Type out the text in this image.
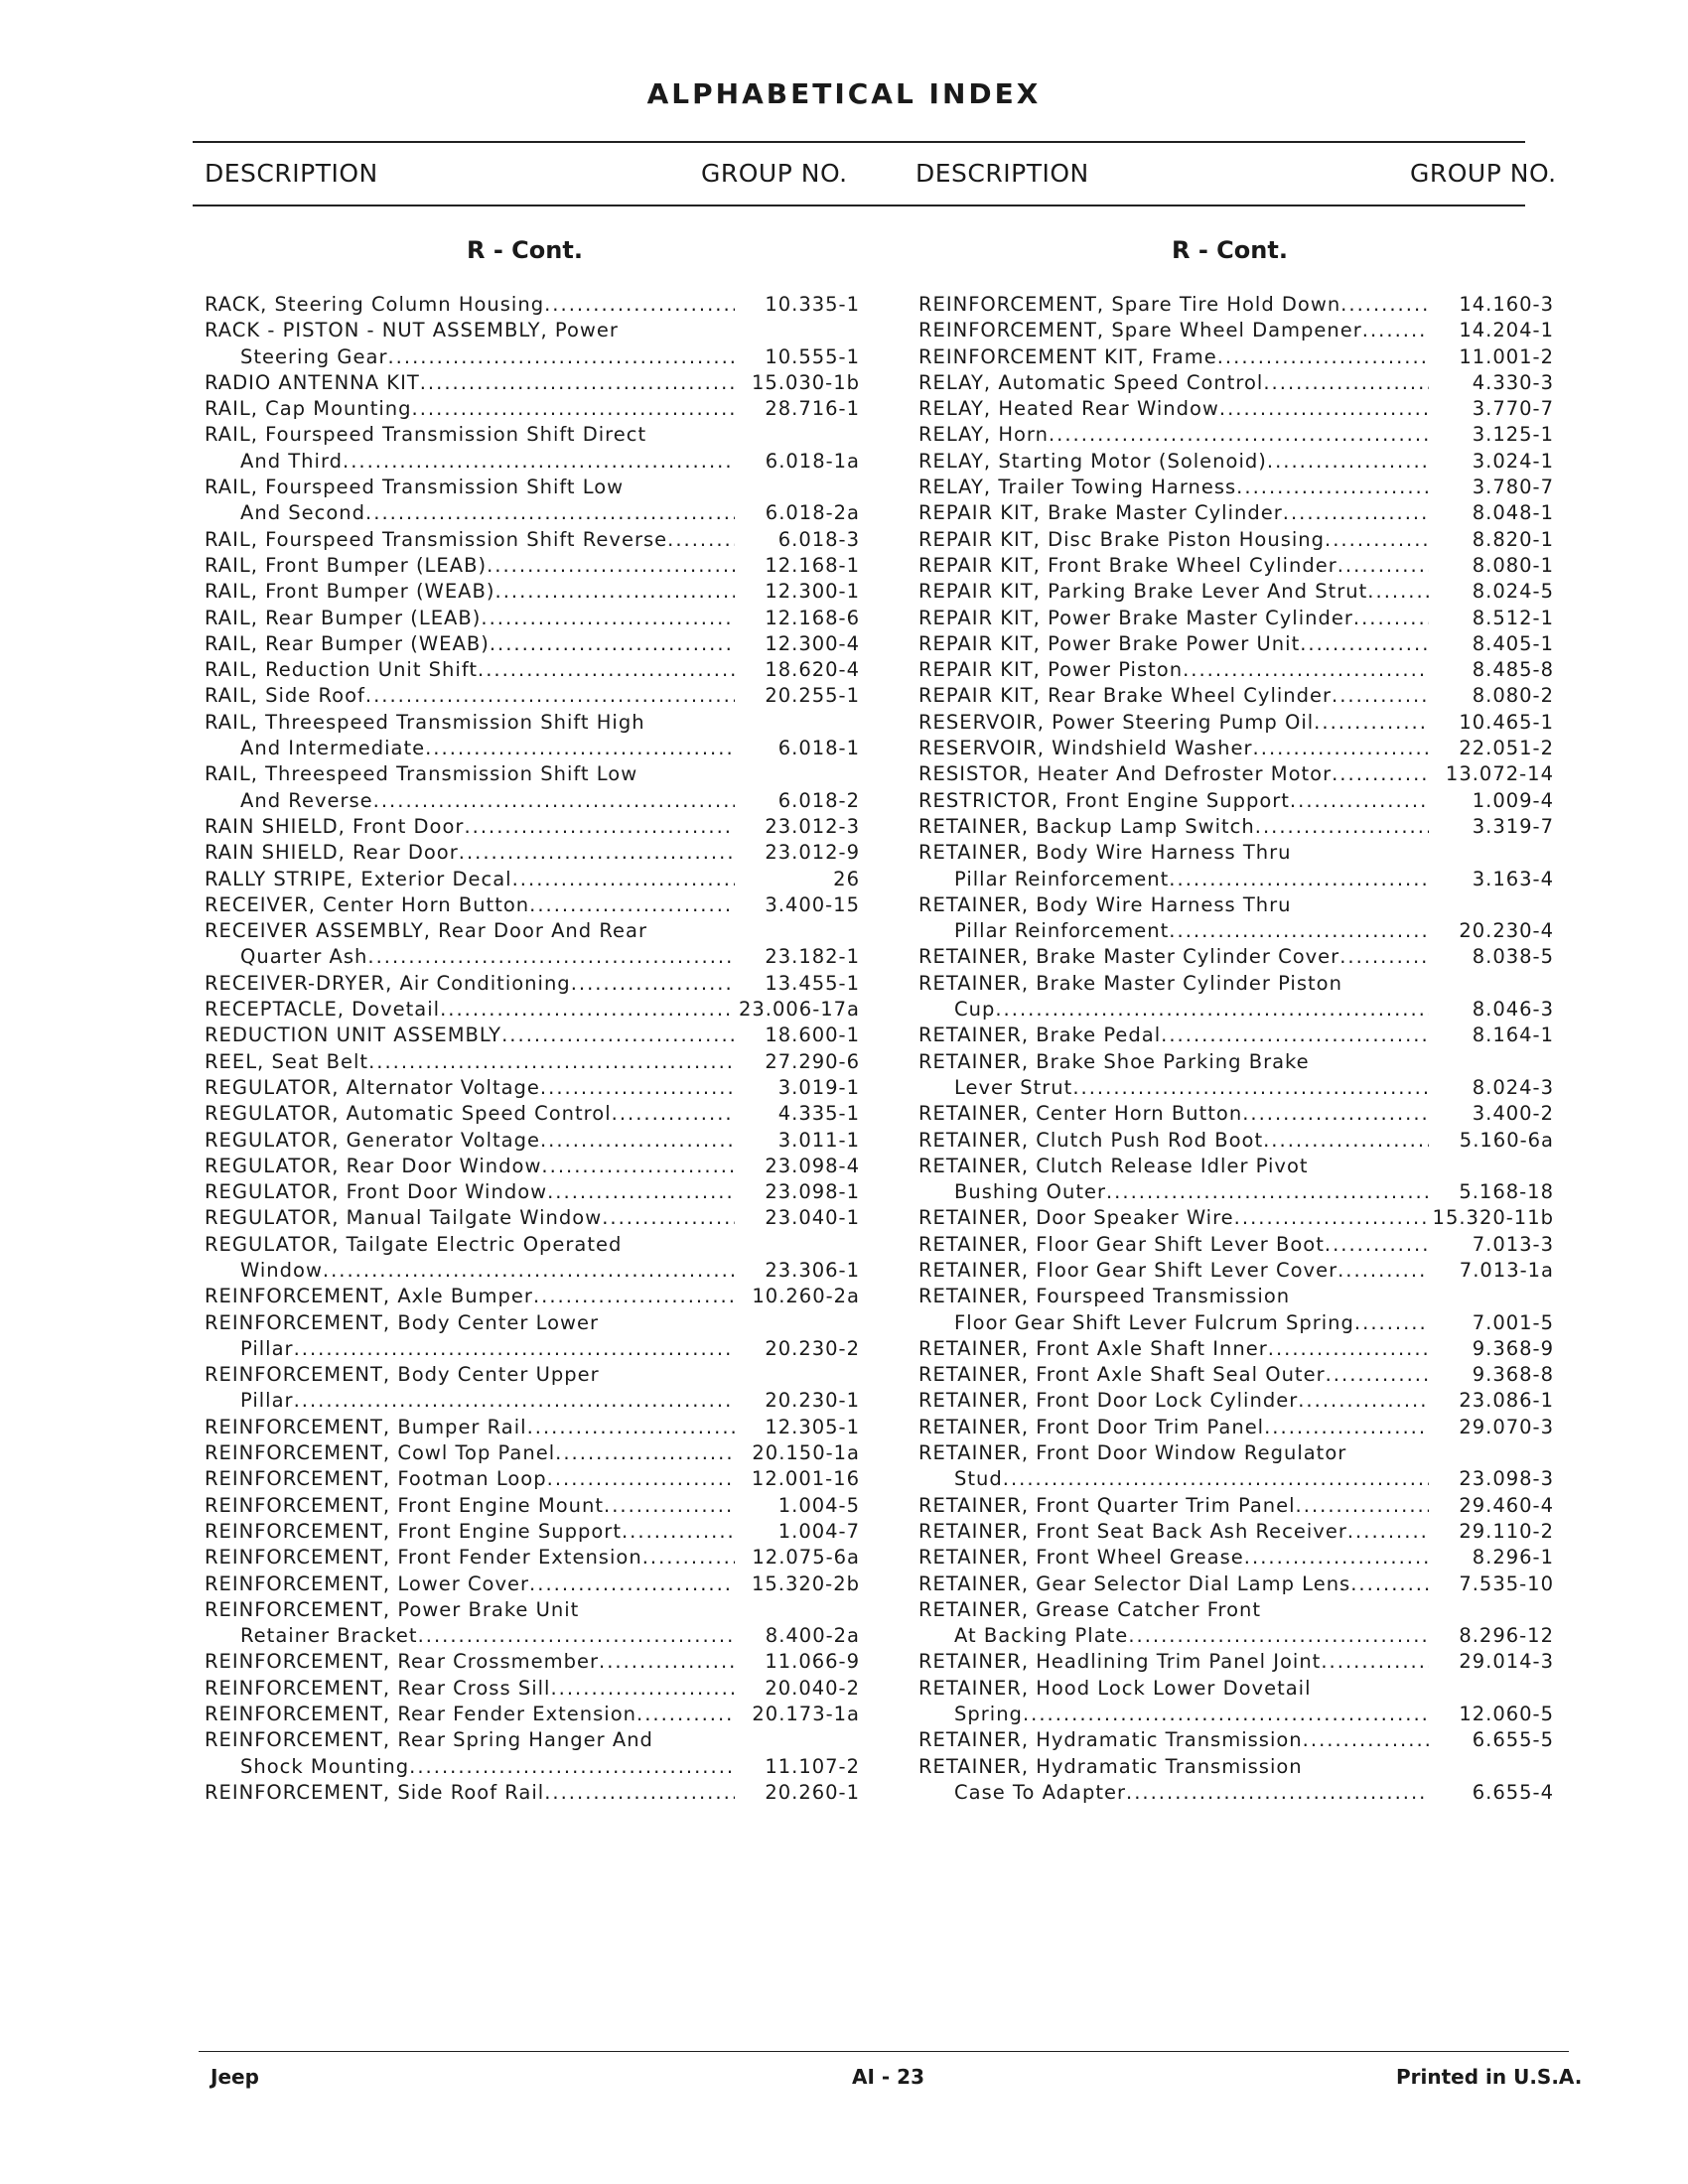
ALPHABETICAL INDEX
DESCRIPTION	GROUP NO.	DESCRIPTION	GROUP NO.
R - Cont.	R - Cont.
RACK, Steering Column Housing .....	10.335-1
RACK - PISTON - NUT ASSEMBLY, Power
Steering Gear .....	10.555-1
RADIO ANTENNA KIT .....	15.030-1b
RAIL, Cap Mounting .....	28.716-1
RAIL, Fourspeed Transmission Shift Direct
And Third .....	6.018-1a
RAIL, Fourspeed Transmission Shift Low
And Second .....	6.018-2a
RAIL, Fourspeed Transmission Shift Reverse .....	6.018-3
RAIL, Front Bumper (LEAB) .....	12.168-1
RAIL, Front Bumper (WEAB) .....	12.300-1
RAIL, Rear Bumper (LEAB) .....	12.168-6
RAIL, Rear Bumper (WEAB) .....	12.300-4
RAIL, Reduction Unit Shift .....	18.620-4
RAIL, Side Roof .....	20.255-1
RAIL, Threespeed Transmission Shift High
And Intermediate .....	6.018-1
RAIL, Threespeed Transmission Shift Low
And Reverse .....	6.018-2
RAIN SHIELD, Front Door .....	23.012-3
RAIN SHIELD, Rear Door .....	23.012-9
RALLY STRIPE, Exterior Decal .....	26
RECEIVER, Center Horn Button .....	3.400-15
RECEIVER ASSEMBLY, Rear Door And Rear
Quarter Ash .....	23.182-1
RECEIVER-DRYER, Air Conditioning .....	13.455-1
RECEPTACLE, Dovetail .....	23.006-17a
REDUCTION UNIT ASSEMBLY .....	18.600-1
REEL, Seat Belt .....	27.290-6
REGULATOR, Alternator Voltage .....	3.019-1
REGULATOR, Automatic Speed Control .....	4.335-1
REGULATOR, Generator Voltage .....	3.011-1
REGULATOR, Rear Door Window .....	23.098-4
REGULATOR, Front Door Window .....	23.098-1
REGULATOR, Manual Tailgate Window .....	23.040-1
REGULATOR, Tailgate Electric Operated
Window .....	23.306-1
REINFORCEMENT, Axle Bumper .....	10.260-2a
REINFORCEMENT, Body Center Lower
Pillar .....	20.230-2
REINFORCEMENT, Body Center Upper
Pillar .....	20.230-1
REINFORCEMENT, Bumper Rail .....	12.305-1
REINFORCEMENT, Cowl Top Panel .....	20.150-1a
REINFORCEMENT, Footman Loop .....	12.001-16
REINFORCEMENT, Front Engine Mount .....	1.004-5
REINFORCEMENT, Front Engine Support .....	1.004-7
REINFORCEMENT, Front Fender Extension .....	12.075-6a
REINFORCEMENT, Lower Cover .....	15.320-2b
REINFORCEMENT, Power Brake Unit
Retainer Bracket .....	8.400-2a
REINFORCEMENT, Rear Crossmember .....	11.066-9
REINFORCEMENT, Rear Cross Sill .....	20.040-2
REINFORCEMENT, Rear Fender Extension .....	20.173-1a
REINFORCEMENT, Rear Spring Hanger And
Shock Mounting .....	11.107-2
REINFORCEMENT, Side Roof Rail .....	20.260-1
REINFORCEMENT, Spare Tire Hold Down .....	14.160-3
REINFORCEMENT, Spare Wheel Dampener .....	14.204-1
REINFORCEMENT KIT, Frame .....	11.001-2
RELAY, Automatic Speed Control .....	4.330-3
RELAY, Heated Rear Window .....	3.770-7
RELAY, Horn .....	3.125-1
RELAY, Starting Motor (Solenoid) .....	3.024-1
RELAY, Trailer Towing Harness .....	3.780-7
REPAIR KIT, Brake Master Cylinder .....	8.048-1
REPAIR KIT, Disc Brake Piston Housing .....	8.820-1
REPAIR KIT, Front Brake Wheel Cylinder .....	8.080-1
REPAIR KIT, Parking Brake Lever And Strut .....	8.024-5
REPAIR KIT, Power Brake Master Cylinder .....	8.512-1
REPAIR KIT, Power Brake Power Unit .....	8.405-1
REPAIR KIT, Power Piston .....	8.485-8
REPAIR KIT, Rear Brake Wheel Cylinder .....	8.080-2
RESERVOIR, Power Steering Pump Oil .....	10.465-1
RESERVOIR, Windshield Washer .....	22.051-2
RESISTOR, Heater And Defroster Motor .....	13.072-14
RESTRICTOR, Front Engine Support .....	1.009-4
RETAINER, Backup Lamp Switch .....	3.319-7
RETAINER, Body Wire Harness Thru
Pillar Reinforcement .....	3.163-4
RETAINER, Body Wire Harness Thru
Pillar Reinforcement .....	20.230-4
RETAINER, Brake Master Cylinder Cover .....	8.038-5
RETAINER, Brake Master Cylinder Piston
Cup .....	8.046-3
RETAINER, Brake Pedal .....	8.164-1
RETAINER, Brake Shoe Parking Brake
Lever Strut .....	8.024-3
RETAINER, Center Horn Button .....	3.400-2
RETAINER, Clutch Push Rod Boot .....	5.160-6a
RETAINER, Clutch Release Idler Pivot
Bushing Outer .....	5.168-18
RETAINER, Door Speaker Wire .....	15.320-11b
RETAINER, Floor Gear Shift Lever Boot .....	7.013-3
RETAINER, Floor Gear Shift Lever Cover .....	7.013-1a
RETAINER, Fourspeed Transmission
Floor Gear Shift Lever Fulcrum Spring .....	7.001-5
RETAINER, Front Axle Shaft Inner .....	9.368-9
RETAINER, Front Axle Shaft Seal Outer .....	9.368-8
RETAINER, Front Door Lock Cylinder .....	23.086-1
RETAINER, Front Door Trim Panel .....	29.070-3
RETAINER, Front Door Window Regulator
Stud .....	23.098-3
RETAINER, Front Quarter Trim Panel .....	29.460-4
RETAINER, Front Seat Back Ash Receiver .....	29.110-2
RETAINER, Front Wheel Grease .....	8.296-1
RETAINER, Gear Selector Dial Lamp Lens .....	7.535-10
RETAINER, Grease Catcher Front
At Backing Plate .....	8.296-12
RETAINER, Headlining Trim Panel Joint .....	29.014-3
RETAINER, Hood Lock Lower Dovetail
Spring .....	12.060-5
RETAINER, Hydramatic Transmission .....	6.655-5
RETAINER, Hydramatic Transmission
Case To Adapter .....	6.655-4
Jeep	AI - 23	Printed in U.S.A.
